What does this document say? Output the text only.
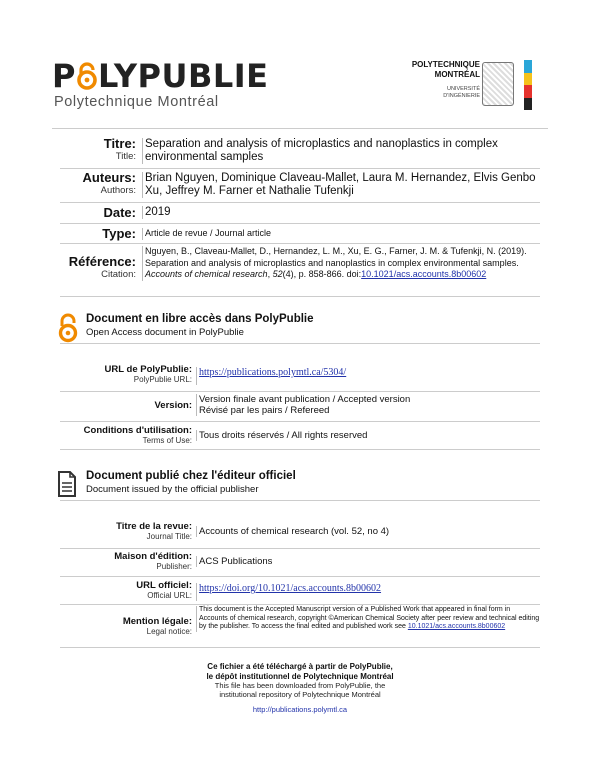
P LYPUBLIE
Polytechnique Montréal
POLYTECHNIQUE
MONTRÉAL
UNIVERSITÉ
D'INGÉNIERIE
Titre:
Title:
Separation and analysis of microplastics and nanoplastics in complex environmental samples
Auteurs:
Authors:
Brian Nguyen, Dominique Claveau-Mallet, Laura M. Hernandez, Elvis Genbo Xu, Jeffrey M. Farner et Nathalie Tufenkji
Date: 2019
Type:	Article de revue / Journal article
Référence:
Citation:
Nguyen, B., Claveau-Mallet, D., Hernandez, L. M., Xu, E. G., Farner, J. M. & Tufenkji, N. (2019). Separation and analysis of microplastics and nanoplastics in complex environmental samples. Accounts of chemical research, 52(4), p. 858-866. doi:10.1021/acs.accounts.8b00602
Document en libre accès dans PolyPublie
Open Access document in PolyPublie
URL de PolyPublie:
PolyPublie URL:
https://publications.polymtl.ca/5304/
Version:
Version finale avant publication / Accepted version
Révisé par les pairs / Refereed
Conditions d'utilisation:
Terms of Use: Tous droits réservés / All rights reserved
Document publié chez l'éditeur officiel
Document issued by the official publisher
Titre de la revue:
Journal Title: Accounts of chemical research (vol. 52, no 4)
Maison d'édition:
Publisher: ACS Publications
URL officiel:
Official URL:
https://doi.org/10.1021/acs.accounts.8b00602
Mention légale:
Legal notice:
This document is the Accepted Manuscript version of a Published Work that appeared in final form in Accounts of chemical research, copyright ©American Chemical Society after peer review and technical editing by the publisher. To access the final edited and published work see 10.1021/acs.accounts.8b00602
Ce fichier a été téléchargé à partir de PolyPublie,
le dépôt institutionnel de Polytechnique Montréal
This file has been downloaded from PolyPublie, the
institutional repository of Polytechnique Montréal
http://publications.polymtl.ca
